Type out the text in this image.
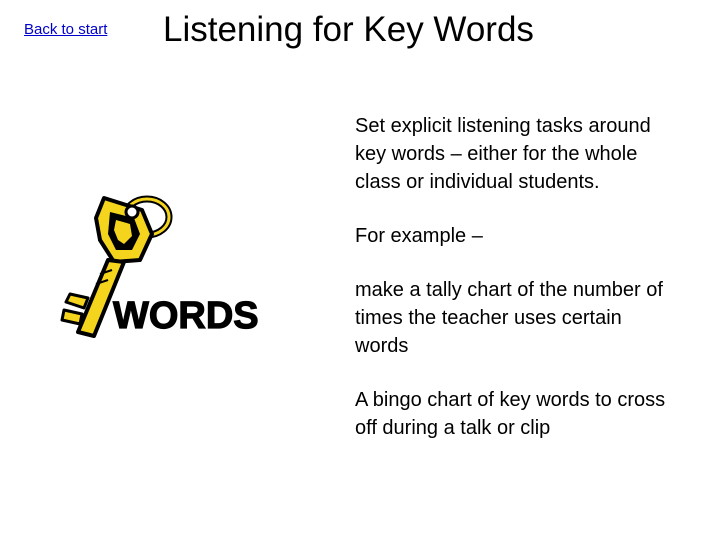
Back to start Listening for Key Words
WORDS

Set explicit listening tasks around key words – either for the whole class or individual students.

For example –

make a tally chart of the number of times the teacher uses certain words

A bingo chart of key words to cross off during a talk or clip
